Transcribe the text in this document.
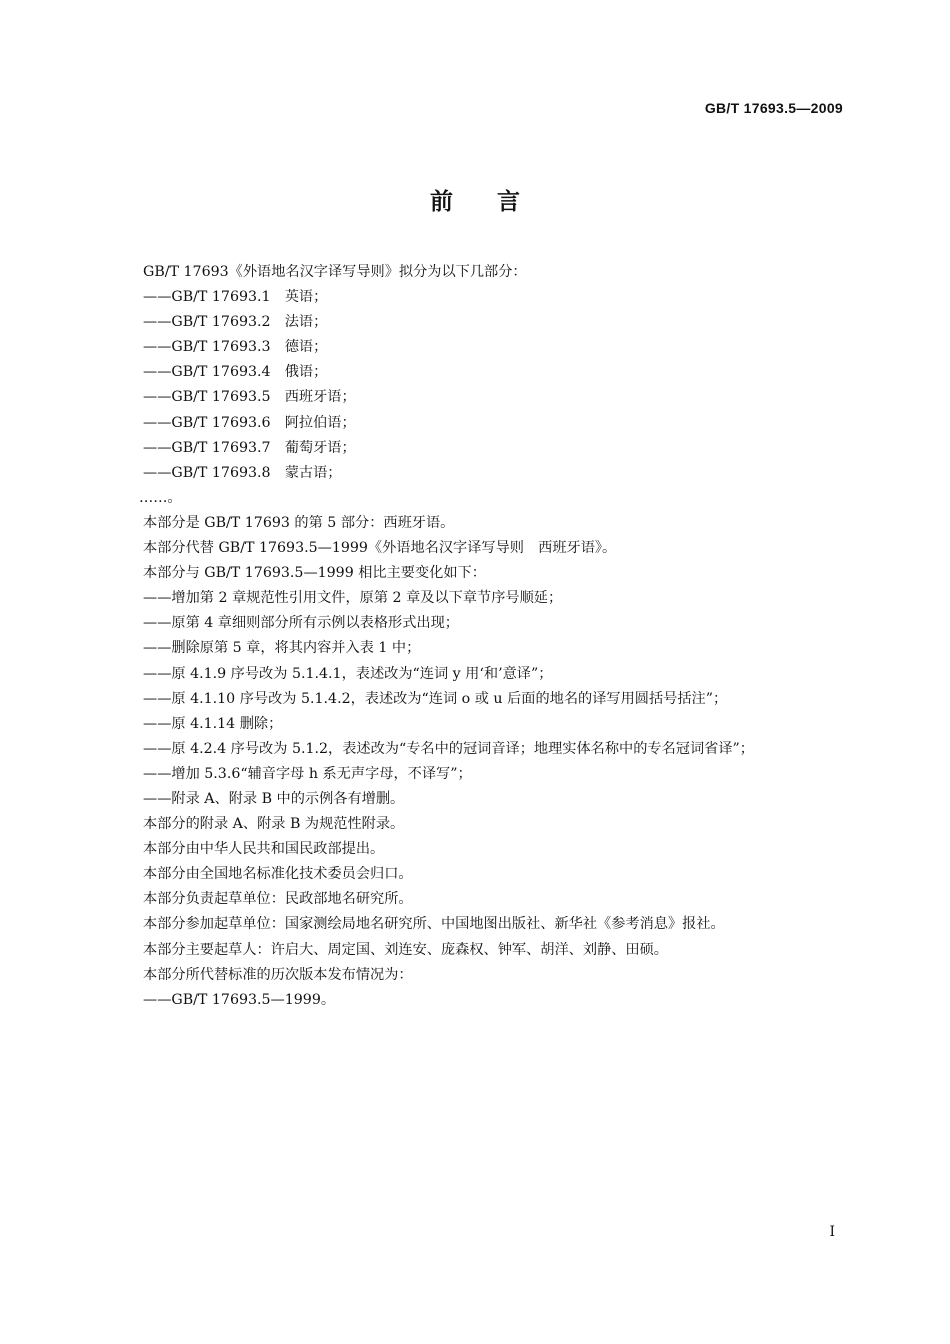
GB/T 17693.5—2009
前言
GB/T 17693《外语地名汉字译写导则》拟分为以下几部分：
——GB/T 17693.1　英语；
——GB/T 17693.2　法语；
——GB/T 17693.3　德语；
——GB/T 17693.4　俄语；
——GB/T 17693.5　西班牙语；
——GB/T 17693.6　阿拉伯语；
——GB/T 17693.7　葡萄牙语；
——GB/T 17693.8　蒙古语；
……。
本部分是 GB/T 17693 的第 5 部分：西班牙语。
本部分代替 GB/T 17693.5—1999《外语地名汉字译写导则　西班牙语》。
本部分与 GB/T 17693.5—1999 相比主要变化如下：
——增加第 2 章规范性引用文件，原第 2 章及以下章节序号顺延；
——原第 4 章细则部分所有示例以表格形式出现；
——删除原第 5 章，将其内容并入表 1 中；
——原 4.1.9 序号改为 5.1.4.1，表述改为“连词 y 用‘和’意译”；
——原 4.1.10 序号改为 5.1.4.2，表述改为“连词 o 或 u 后面的地名的译写用圆括号括注”；
——原 4.1.14 删除；
——原 4.2.4 序号改为 5.1.2，表述改为“专名中的冠词音译；地理实体名称中的专名冠词省译”；
——增加 5.3.6“辅音字母 h 系无声字母，不译写”；
——附录 A、附录 B 中的示例各有增删。
本部分的附录 A、附录 B 为规范性附录。
本部分由中华人民共和国民政部提出。
本部分由全国地名标准化技术委员会归口。
本部分负责起草单位：民政部地名研究所。
本部分参加起草单位：国家测绘局地名研究所、中国地图出版社、新华社《参考消息》报社。
本部分主要起草人：许启大、周定国、刘连安、庞森权、钟军、胡洋、刘静、田硕。
本部分所代替标准的历次版本发布情况为：
——GB/T 17693.5—1999。
I
